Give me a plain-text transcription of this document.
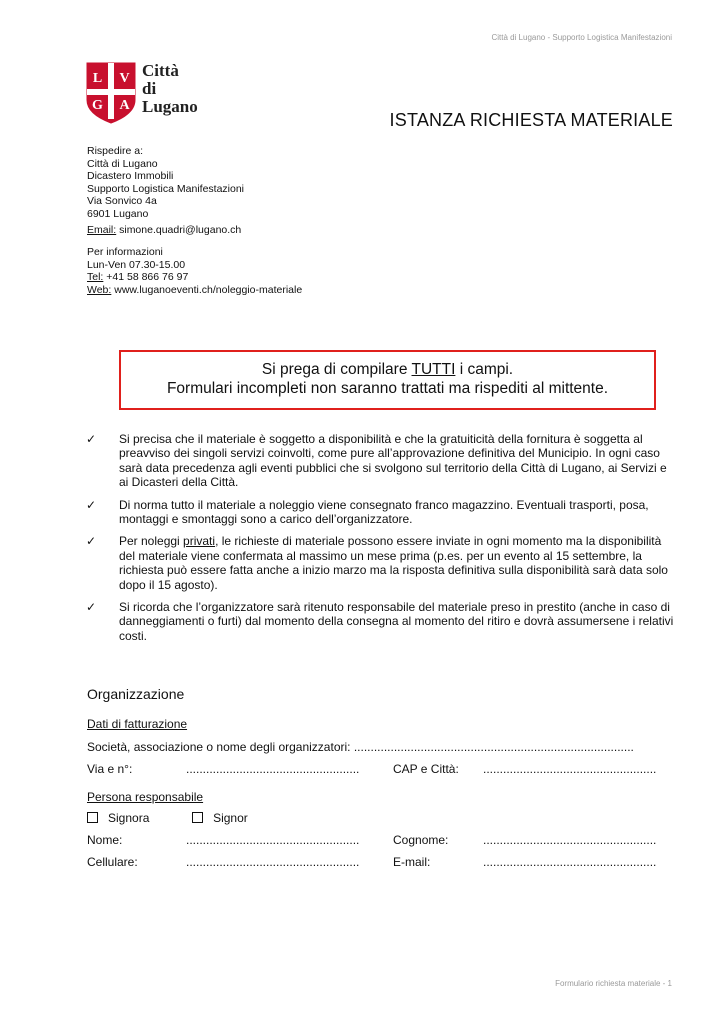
Città di Lugano - Supporto Logistica Manifestazioni
L V
G A
Città
di
Lugano
ISTANZA RICHIESTA MATERIALE
Rispedire a:
Città di Lugano
Dicastero Immobili
Supporto Logistica Manifestazioni
Via Sonvico 4a
6901 Lugano
Email: simone.quadri@lugano.ch
Per informazioni
Lun-Ven 07.30-15.00
Tel: +41 58 866 76 97
Web: www.luganoeventi.ch/noleggio-materiale
Si prega di compilare TUTTI i campi.
Formulari incompleti non saranno trattati ma rispediti al mittente.
✓	Si precisa che il materiale è soggetto a disponibilità e che la gratuiticità della fornitura è soggetta al preavviso dei singoli servizi coinvolti, come pure all’approvazione definitiva del Municipio. In ogni caso sarà data precedenza agli eventi pubblici che si svolgono sul territorio della Città di Lugano, ai Servizi e ai Dicasteri della Città.
✓	Di norma tutto il materiale a noleggio viene consegnato franco magazzino. Eventuali trasporti, posa, montaggi e smontaggi sono a carico dell’organizzatore.
✓	Per noleggi privati, le richieste di materiale possono essere inviate in ogni momento ma la disponibilità del materiale viene confermata al massimo un mese prima (p.es. per un evento al 15 settembre, la richiesta può essere fatta anche a inizio marzo ma la risposta definitiva sulla disponibilità sarà data solo dopo il 15 agosto).
✓	Si ricorda che l’organizzatore sarà ritenuto responsabile del materiale preso in prestito (anche in caso di danneggiamenti o furti) dal momento della consegna al momento del ritiro e dovrà assumersene i relativi costi.
Organizzazione
Dati di fatturazione
Società, associazione o nome degli organizzatori: ....................................................................................
Via e n°:	....................................................	CAP e Città: ....................................................
Persona responsabile
Signora	Signor
Nome:	....................................................	Cognome:	....................................................
Cellulare:	....................................................	E-mail:	....................................................
Formulario richiesta materiale - 1
